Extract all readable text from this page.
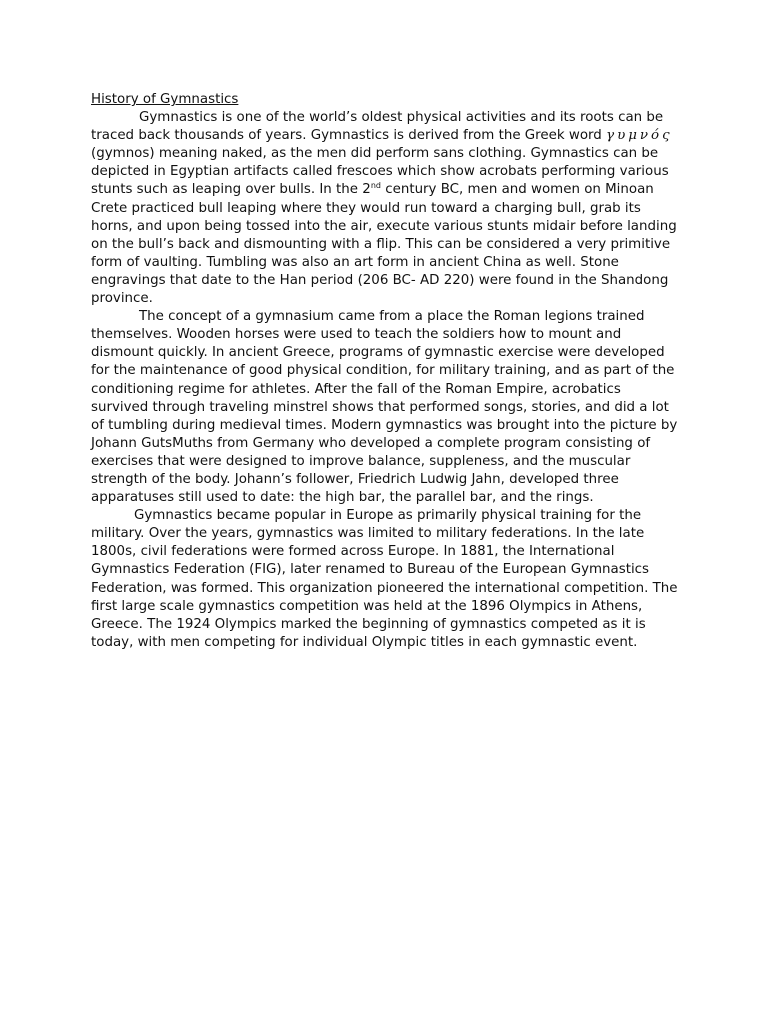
History of Gymnastics

Gymnastics is one of the world’s oldest physical activities and its roots can be traced back thousands of years. Gymnastics is derived from the Greek word γυμνός (gymnos) meaning naked, as the men did perform sans clothing. Gymnastics can be depicted in Egyptian artifacts called frescoes which show acrobats performing various stunts such as leaping over bulls. In the 2nd century BC, men and women on Minoan Crete practiced bull leaping where they would run toward a charging bull, grab its horns, and upon being tossed into the air, execute various stunts midair before landing on the bull’s back and dismounting with a flip. This can be considered a very primitive form of vaulting. Tumbling was also an art form in ancient China as well. Stone engravings that date to the Han period (206 BC- AD 220) were found in the Shandong province.

The concept of a gymnasium came from a place the Roman legions trained themselves. Wooden horses were used to teach the soldiers how to mount and dismount quickly. In ancient Greece, programs of gymnastic exercise were developed for the maintenance of good physical condition, for military training, and as part of the conditioning regime for athletes. After the fall of the Roman Empire, acrobatics survived through traveling minstrel shows that performed songs, stories, and did a lot of tumbling during medieval times. Modern gymnastics was brought into the picture by Johann GutsMuths from Germany who developed a complete program consisting of exercises that were designed to improve balance, suppleness, and the muscular strength of the body. Johann’s follower, Friedrich Ludwig Jahn, developed three apparatuses still used to date: the high bar, the parallel bar, and the rings.

Gymnastics became popular in Europe as primarily physical training for the military. Over the years, gymnastics was limited to military federations. In the late 1800s, civil federations were formed across Europe. In 1881, the International Gymnastics Federation (FIG), later renamed to Bureau of the European Gymnastics Federation, was formed. This organization pioneered the international competition. The first large scale gymnastics competition was held at the 1896 Olympics in Athens, Greece. The 1924 Olympics marked the beginning of gymnastics competed as it is today, with men competing for individual Olympic titles in each gymnastic event.
